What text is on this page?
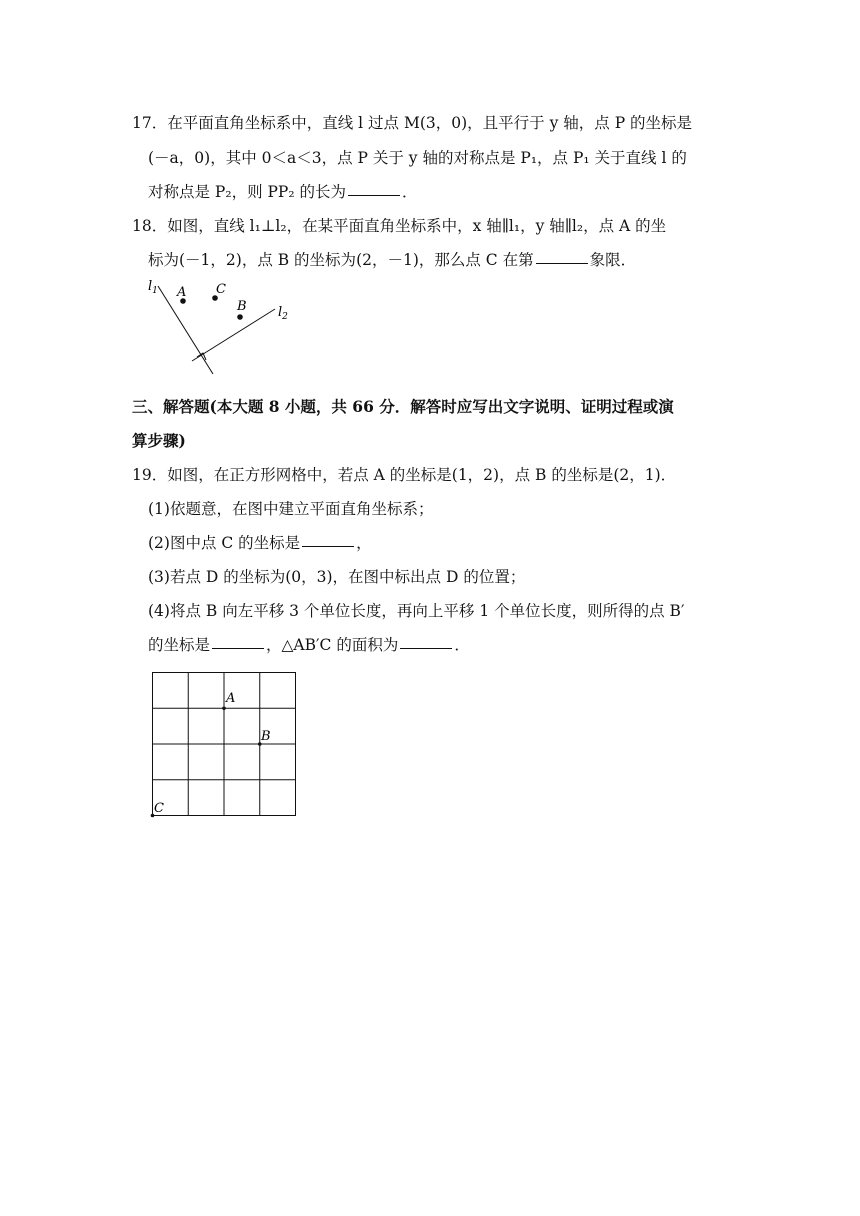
17．在平面直角坐标系中，直线 l 过点 M(3，0)，且平行于 y 轴，点 P 的坐标是
(－a，0)，其中 0＜a＜3，点 P 关于 y 轴的对称点是 P₁，点 P₁ 关于直线 l 的
对称点是 P₂，则 PP₂ 的长为	．
18．如图，直线 l₁⊥l₂，在某平面直角坐标系中，x 轴∥l₁，y 轴∥l₂，点 A 的坐
标为(－1，2)，点 B 的坐标为(2，－1)，那么点 C 在第	象限．
$l_1$
$l_2$
A C
B
三、解答题(本大题 8 小题，共 66 分．解答时应写出文字说明、证明过程或演
算步骤)
19．如图，在正方形网格中，若点 A 的坐标是(1，2)，点 B 的坐标是(2，1)．
(1)依题意，在图中建立平面直角坐标系；
(2)图中点 C 的坐标是	，
(3)若点 D 的坐标为(0，3)，在图中标出点 D 的位置；
(4)将点 B 向左平移 3 个单位长度，再向上平移 1 个单位长度，则所得的点 B′
的坐标是	，△AB′C 的面积为	．
A
B
C
